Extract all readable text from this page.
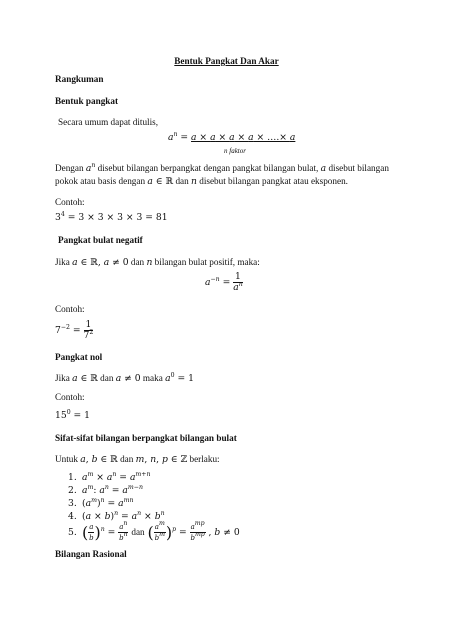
Bentuk Pangkat Dan Akar
Rangkuman
Bentuk pangkat
Secara umum dapat ditulis,
$a^n = a \times a \times a \times a$ × ….× a
n faktor
Dengan $a^n$ disebut bilangan berpangkat dengan pangkat bilangan bulat, a disebut bilangan
pokok atau basis dengan a ∈ ℝ dan n disebut bilangan pangkat atau eksponen.
Contoh:
$3^4 = 3 \times 3 \times 3 \times 3 = 81$
Pangkat bulat negatif
Jika a ∈ ℝ, a ≠ 0 dan n bilangan bulat positif, maka:
$a^{-n} = \frac{1}{a^n}$
Contoh:
$7^{-2} = \frac{1}{7^2}$
Pangkat nol
Jika a ∈ ℝ dan a ≠ 0 maka $a^0 = 1$
Contoh:
$15^0 = 1$
Sifat-sifat bilangan berpangkat bilangan bulat
Untuk a, b ∈ ℝ dan m, n, p ∈ ℤ berlaku:
1. $a^m \times a^n = a^{m+n}$
2. $a^m$: $a^n = a^{m-n}$
3. $(a^m)^n = a^{mn}$
4. $(a \times b)^n = a^n \times b^n$
5. ( $\frac{a}{b} )^n = \frac{a^n}{b^n}$ dan ( $\frac{a^m}{b^m} )^p = \frac{a^{mp}}{b^{mp}}$ , b ≠ 0
Bilangan Rasional
